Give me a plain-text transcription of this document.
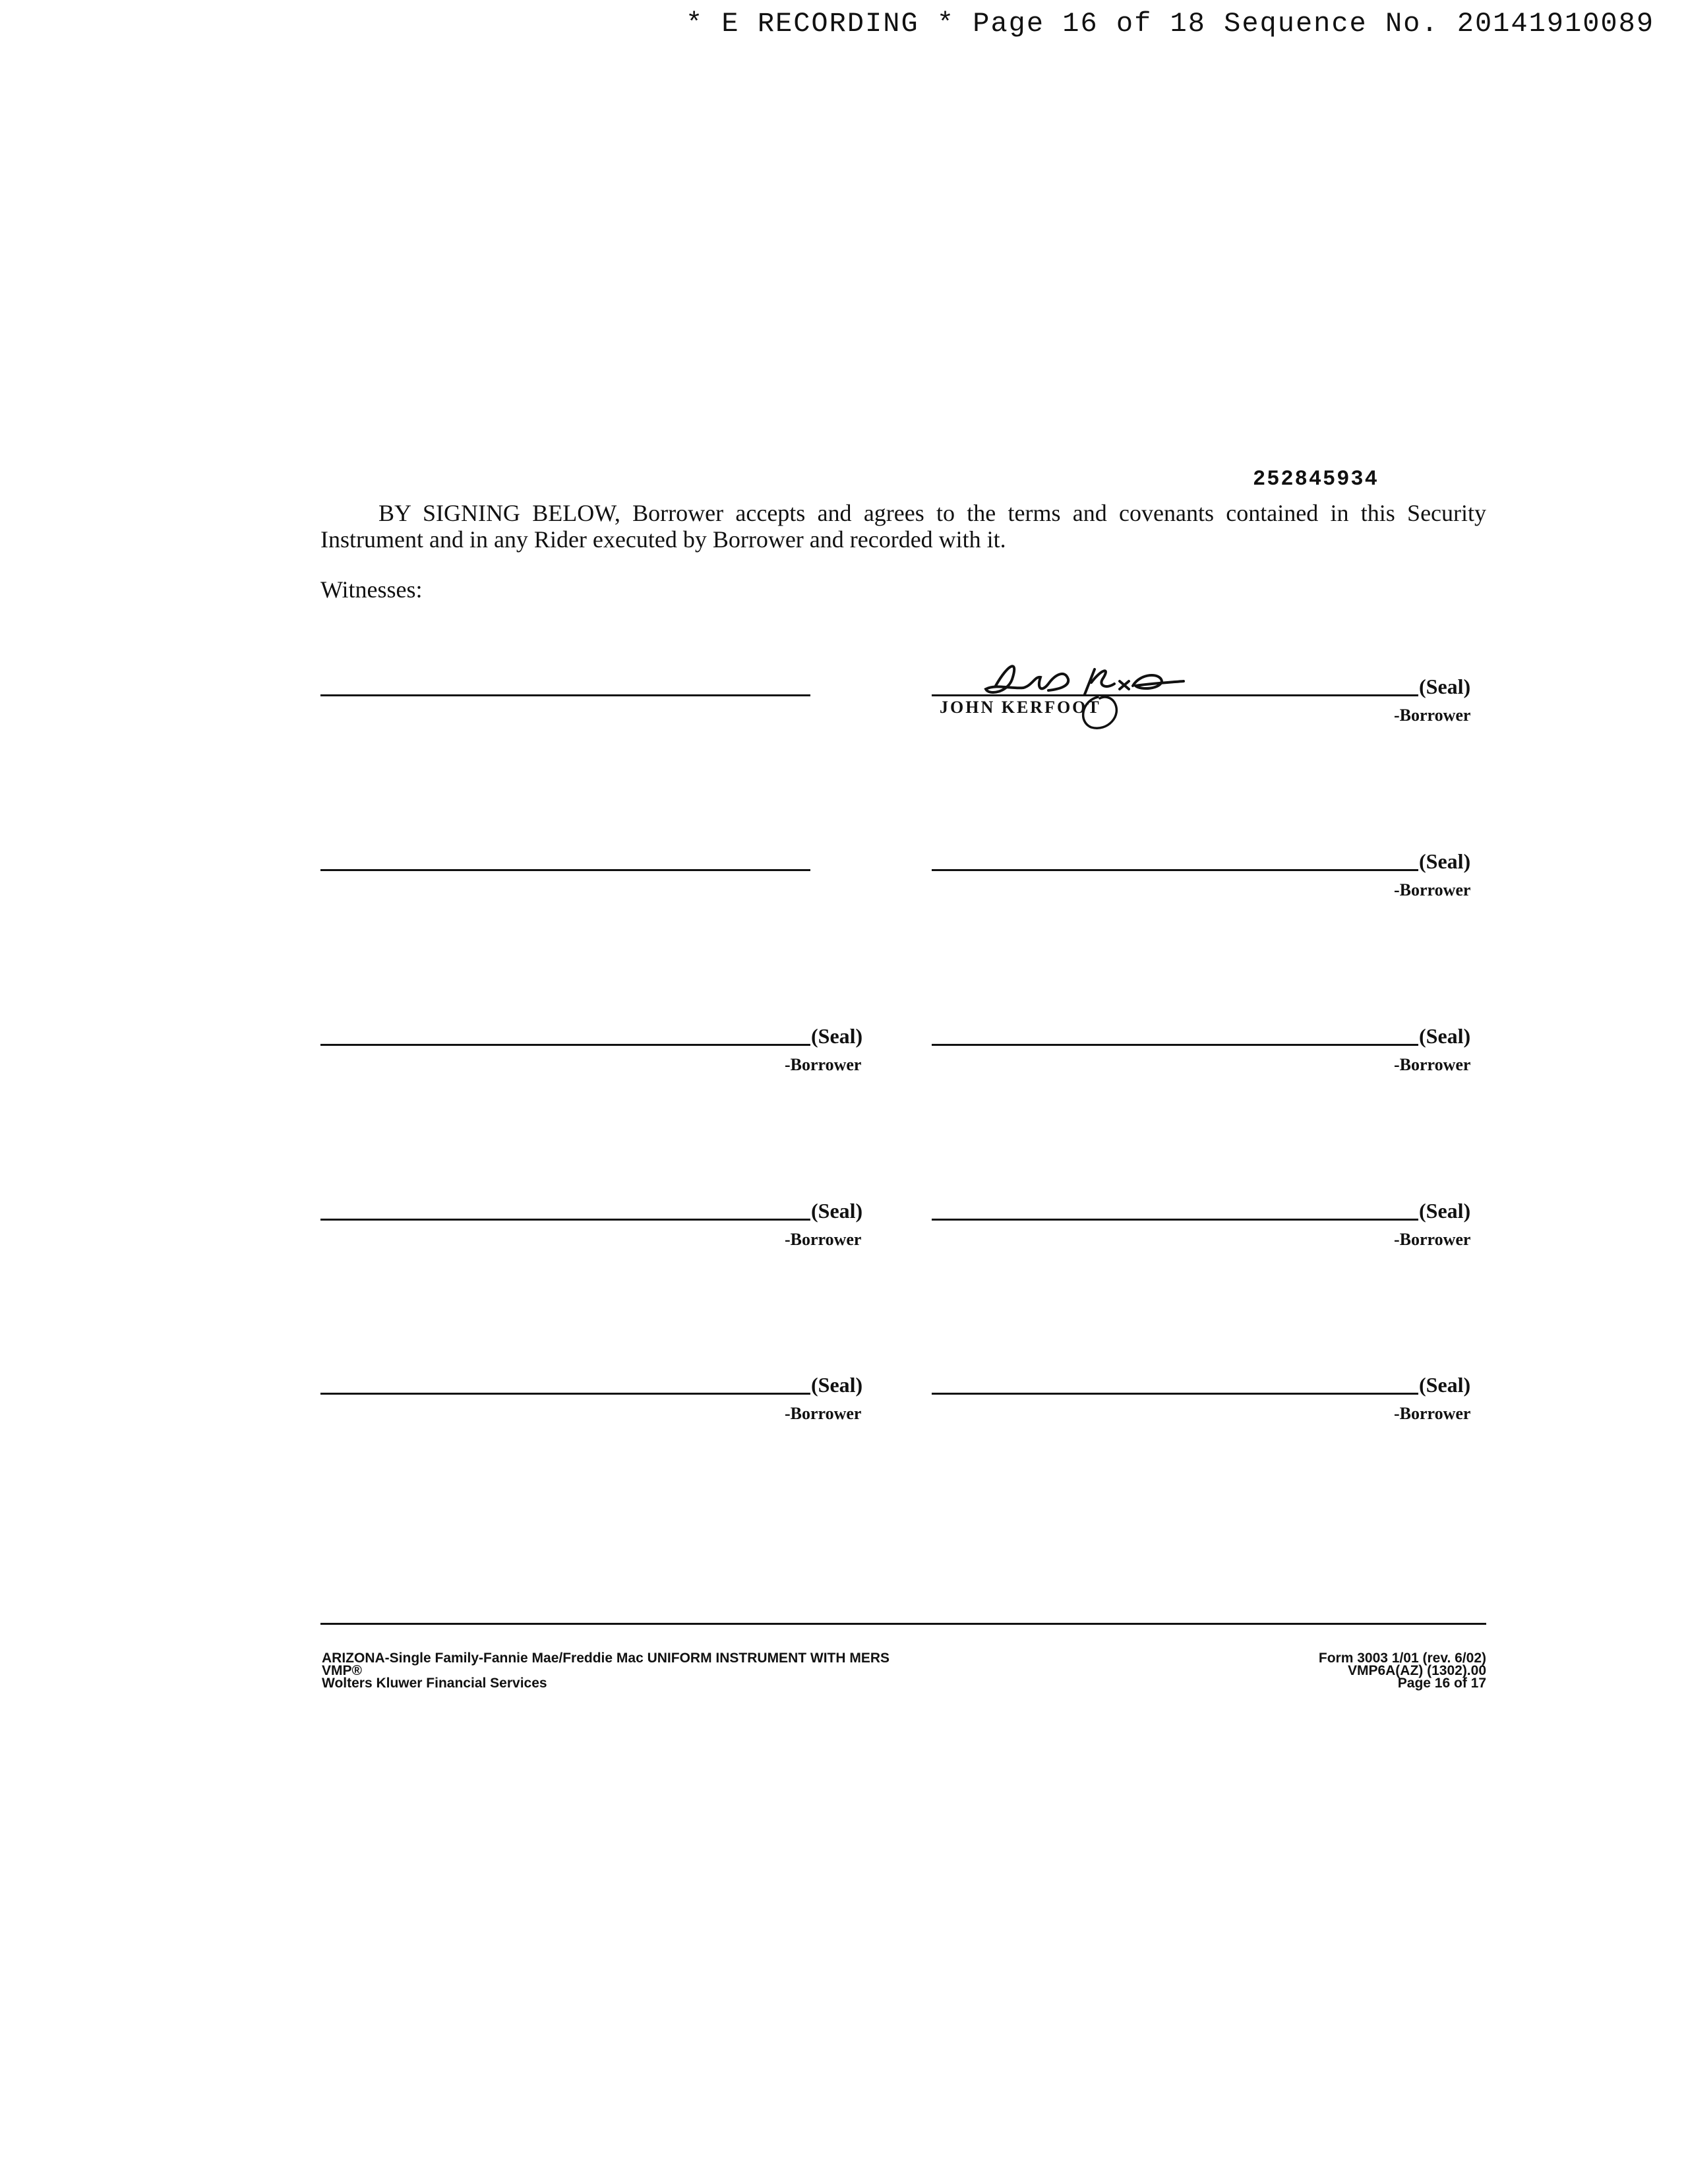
* E RECORDING * Page 16 of 18 Sequence No. 20141910089
252845934
BY SIGNING BELOW, Borrower accepts and agrees to the terms and covenants contained in this Security Instrument and in any Rider executed by Borrower and recorded with it.
Witnesses:
(Seal)
-Borrower
JOHN KERFOOT
(Seal)
-Borrower
(Seal)
-Borrower
(Seal)
-Borrower
(Seal)
-Borrower
(Seal)
-Borrower
(Seal)
-Borrower
(Seal)
-Borrower
ARIZONA-Single Family-Fannie Mae/Freddie Mac UNIFORM INSTRUMENT WITH MERS
VMP®
Wolters Kluwer Financial Services
Form 3003 1/01 (rev. 6/02)
VMP6A(AZ) (1302).00
Page 16 of 17
